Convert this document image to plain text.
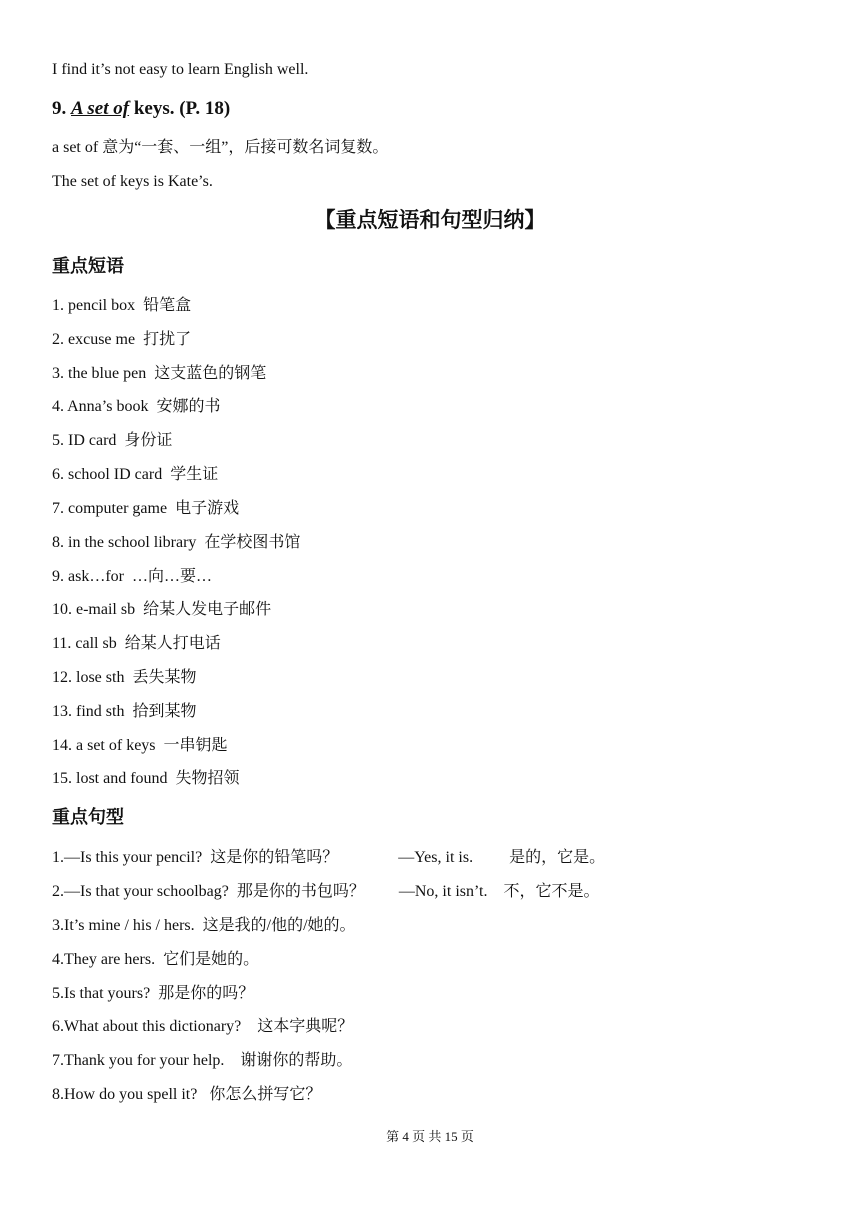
I find it’s not easy to learn English well.
9. A set of keys. (P. 18)
a set of 意为“一套、一组”，后接可数名词复数。
The set of keys is Kate’s.
【重点短语和句型归纳】
重点短语
1. pencil box 铅笔盒
2. excuse me 打扰了
3. the blue pen 这支蓝色的钢笔
4. Anna’s book 安娜的书
5. ID card 身份证
6. school ID card 学生证
7. computer game 电子游戏
8. in the school library 在学校图书馆
9. ask…for …向…要…
10. e-mail sb 给某人发电子邮件
11. call sb 给某人打电话
12. lose sth 丢失某物
13. find sth 拾到某物
14. a set of keys 一串钥匙
15. lost and found 失物招领
重点句型
1.—Is this your pencil? 这是你的铅笔吗？	—Yes, it is. 是的，它是。
2.—Is that your schoolbag? 那是你的书包吗？ —No, it isn’t. 不，它不是。
3.It’s mine / his / hers. 这是我的/他的/她的。
4.They are hers. 它们是她的。
5.Is that yours? 那是你的吗？
6.What about this dictionary? 这本字典呢？
7.Thank you for your help. 谢谢你的帮助。
8.How do you spell it? 你怎么拼写它？
第 4 页 共 15 页
